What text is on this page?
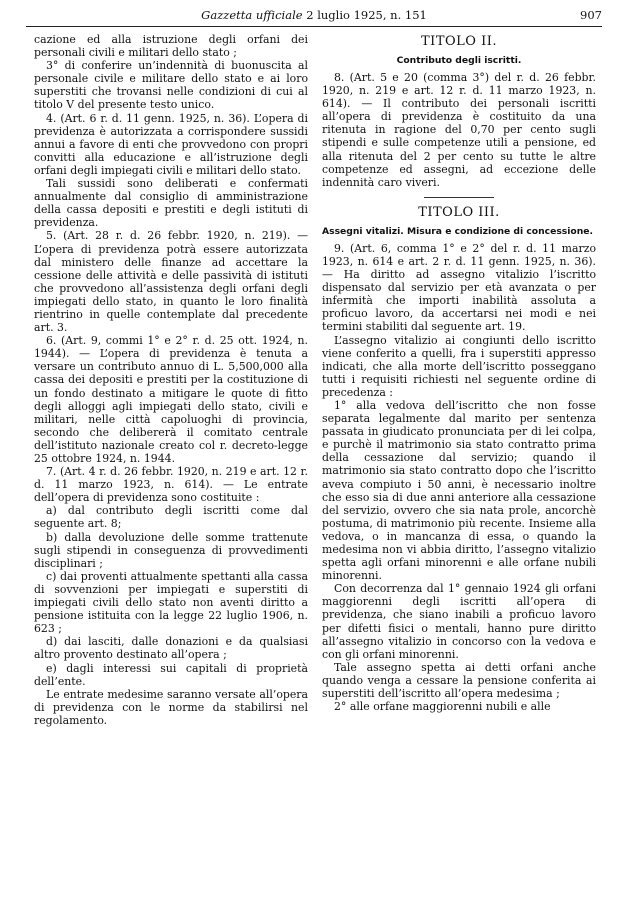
Gazzetta ufficiale 2 luglio 1925, n. 151	907

cazione ed alla istruzione degli orfani dei personali civili e militari dello stato ;

3° di conferire un’indennità di buonuscita al personale civile e militare dello stato e ai loro superstiti che trovansi nelle condizioni di cui al titolo V del presente testo unico.

4. (Art. 6 r. d. 11 genn. 1925, n. 36). L’opera di previdenza è autorizzata a corrispondere sussidi annui a favore di enti che provvedono con propri convitti alla educazione e all’istruzione degli orfani degli impiegati civili e militari dello stato.

Tali sussidi sono deliberati e confermati annualmente dal consiglio di amministrazione della cassa depositi e prestiti e degli istituti di previdenza.

5. (Art. 28 r. d. 26 febbr. 1920, n. 219). — L’opera di previdenza potrà essere autorizzata dal ministero delle finanze ad accettare la cessione delle attività e delle passività di istituti che provvedono all’assistenza degli orfani degli impiegati dello stato, in quanto le loro finalità rientrino in quelle contemplate dal precedente art. 3.

6. (Art. 9, commi 1° e 2° r. d. 25 ott. 1924, n. 1944). — L’opera di previdenza è tenuta a versare un contributo annuo di L. 5,500,000 alla cassa dei depositi e prestiti per la costituzione di un fondo destinato a mitigare le quote di fitto degli alloggi agli impiegati dello stato, civili e militari, nelle città capoluoghi di provincia, secondo che delibererà il comitato centrale dell’istituto nazionale creato col r. decreto-legge 25 ottobre 1924, n. 1944.

7. (Art. 4 r. d. 26 febbr. 1920, n. 219 e art. 12 r. d. 11 marzo 1923, n. 614). — Le entrate dell’opera di previdenza sono costituite :

a) dal contributo degli iscritti come dal seguente art. 8;

b) dalla devoluzione delle somme trattenute sugli stipendi in conseguenza di provvedimenti disciplinari ;

c) dai proventi attualmente spettanti alla cassa di sovvenzioni per impiegati e superstiti di impiegati civili dello stato non aventi diritto a pensione istituita con la legge 22 luglio 1906, n. 623 ;

d) dai lasciti, dalle donazioni e da qualsiasi altro provento destinato all’opera ;

e) dagli interessi sui capitali di proprietà dell’ente.

Le entrate medesime saranno versate all’opera di previdenza con le norme da stabilirsi nel regolamento.

TITOLO II.
Contributo degli iscritti.

8. (Art. 5 e 20 (comma 3°) del r. d. 26 febbr. 1920, n. 219 e art. 12 r. d. 11 marzo 1923, n. 614). — Il contributo dei personali iscritti all’opera di previdenza è costituito da una ritenuta in ragione del 0,70 per cento sugli stipendi e sulle competenze utili a pensione, ed alla ritenuta del 2 per cento su tutte le altre competenze ed assegni, ad eccezione delle indennità caro viveri.

TITOLO III.
Assegni vitalizi. Misura e condizione di concessione.

9. (Art. 6, comma 1° e 2° del r. d. 11 marzo 1923, n. 614 e art. 2 r. d. 11 genn. 1925, n. 36). — Ha diritto ad assegno vitalizio l’iscritto dispensato dal servizio per età avanzata o per infermità che importi inabilità assoluta a proficuo lavoro, da accertarsi nei modi e nei termini stabiliti dal seguente art. 19.

L’assegno vitalizio ai congiunti dello iscritto viene conferito a quelli, fra i superstiti appresso indicati, che alla morte dell’iscritto posseggano tutti i requisiti richiesti nel seguente ordine di precedenza :

1° alla vedova dell’iscritto che non fosse separata legalmente dal marito per sentenza passata in giudicato pronunciata per di lei colpa, e purchè il matrimonio sia stato contratto prima della cessazione dal servizio; quando il matrimonio sia stato contratto dopo che l’iscritto aveva compiuto i 50 anni, è necessario inoltre che esso sia di due anni anteriore alla cessazione del servizio, ovvero che sia nata prole, ancorchè postuma, di matrimonio più recente. Insieme alla vedova, o in mancanza di essa, o quando la medesima non vi abbia diritto, l’assegno vitalizio spetta agli orfani minorenni e alle orfane nubili minorenni.

Con decorrenza dal 1° gennaio 1924 gli orfani maggiorenni degli iscritti all’opera di previdenza, che siano inabili a proficuo lavoro per difetti fisici o mentali, hanno pure diritto all’assegno vitalizio in concorso con la vedova e con gli orfani minorenni.

Tale assegno spetta ai detti orfani anche quando venga a cessare la pensione conferita ai superstiti dell’iscritto all’opera medesima ;

2° alle orfane maggiorenni nubili e alle
